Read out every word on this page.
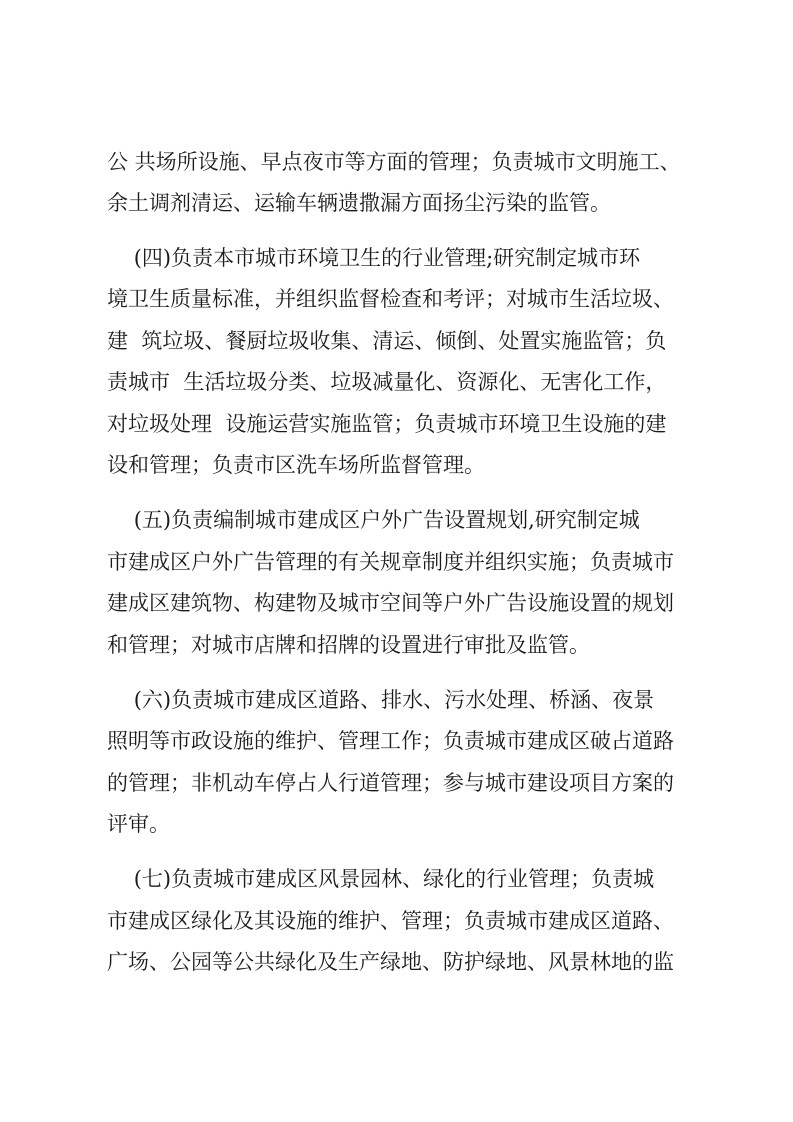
公 共场所设施、早点夜市等方面的管理；负责城市文明施工、
余土调剂清运、运输车辆遗撒漏方面扬尘污染的监管。
(四)负责本市城市环境卫生的行业管理;研究制定城市环
境卫生质量标准，并组织监督检查和考评；对城市生活垃圾、
建  筑垃圾、餐厨垃圾收集、清运、倾倒、处置实施监管；负
责城市  生活垃圾分类、垃圾减量化、资源化、无害化工作，
对垃圾处理  设施运营实施监管；负责城市环境卫生设施的建
设和管理；负责市区洗车场所监督管理。
(五)负责编制城市建成区户外广告设置规划,研究制定城
市建成区户外广告管理的有关规章制度并组织实施；负责城市
建成区建筑物、构建物及城市空间等户外广告设施设置的规划
和管理；对城市店牌和招牌的设置进行审批及监管。
(六)负责城市建成区道路、排水、污水处理、桥涵、夜景
照明等市政设施的维护、管理工作；负责城市建成区破占道路
的管理；非机动车停占人行道管理；参与城市建设项目方案的
评审。
(七)负责城市建成区风景园林、绿化的行业管理；负责城
市建成区绿化及其设施的维护、管理；负责城市建成区道路、
广场、公园等公共绿化及生产绿地、防护绿地、风景林地的监
